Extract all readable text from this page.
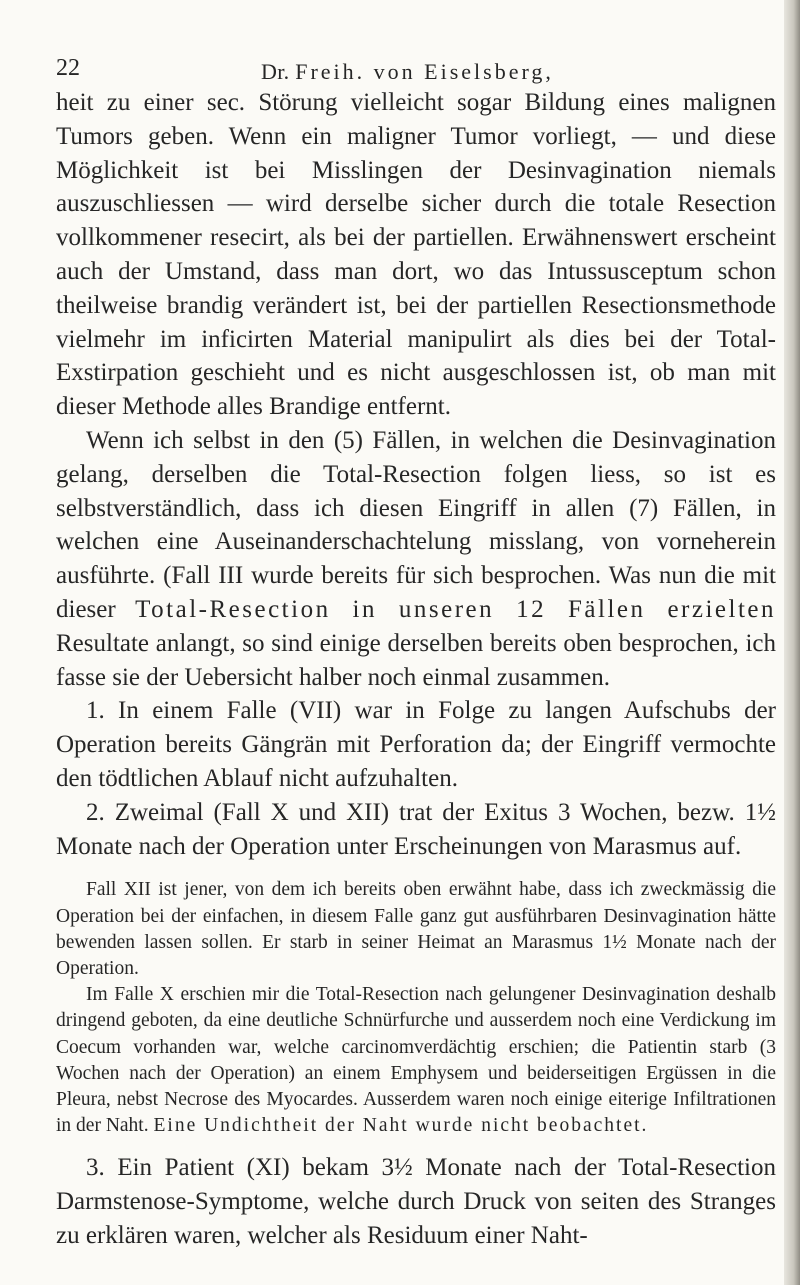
22	Dr. Freih. von Eiselsberg,

heit zu einer sec. Störung vielleicht sogar Bildung eines malignen Tumors geben. Wenn ein maligner Tumor vorliegt, — und diese Möglichkeit ist bei Misslingen der Desinvagination niemals auszuschliessen — wird derselbe sicher durch die totale Resection vollkommener resecirt, als bei der partiellen. Erwähnenswert erscheint auch der Umstand, dass man dort, wo das Intussusceptum schon theilweise brandig verändert ist, bei der partiellen Resectionsmethode vielmehr im inficirten Material manipulirt als dies bei der Total-Exstirpation geschieht und es nicht ausgeschlossen ist, ob man mit dieser Methode alles Brandige entfernt.

Wenn ich selbst in den (5) Fällen, in welchen die Desinvagination gelang, derselben die Total-Resection folgen liess, so ist es selbstverständlich, dass ich diesen Eingriff in allen (7) Fällen, in welchen eine Auseinanderschachtelung misslang, von vorneherein ausführte. (Fall III wurde bereits für sich besprochen. Was nun die mit dieser Total-Resection in unseren 12 Fällen erzielten Resultate anlangt, so sind einige derselben bereits oben besprochen, ich fasse sie der Uebersicht halber noch einmal zusammen.

1. In einem Falle (VII) war in Folge zu langen Aufschubs der Operation bereits Gängrän mit Perforation da; der Eingriff vermochte den tödtlichen Ablauf nicht aufzuhalten.

2. Zweimal (Fall X und XII) trat der Exitus 3 Wochen, bezw. 1½ Monate nach der Operation unter Erscheinungen von Marasmus auf.

Fall XII ist jener, von dem ich bereits oben erwähnt habe, dass ich zweckmässig die Operation bei der einfachen, in diesem Falle ganz gut ausführbaren Desinvagination hätte bewenden lassen sollen. Er starb in seiner Heimat an Marasmus 1½ Monate nach der Operation.

Im Falle X erschien mir die Total-Resection nach gelungener Desinvagination deshalb dringend geboten, da eine deutliche Schnürfurche und ausserdem noch eine Verdickung im Coecum vorhanden war, welche carcinomverdächtig erschien; die Patientin starb (3 Wochen nach der Operation) an einem Emphysem und beiderseitigen Ergüssen in die Pleura, nebst Necrose des Myocardes. Ausserdem waren noch einige eiterige Infiltrationen in der Naht. Eine Undichtheit der Naht wurde nicht beobachtet.

3. Ein Patient (XI) bekam 3½ Monate nach der Total-Resection Darmstenose-Symptome, welche durch Druck von seiten des Stranges zu erklären waren, welcher als Residuum einer Naht-
